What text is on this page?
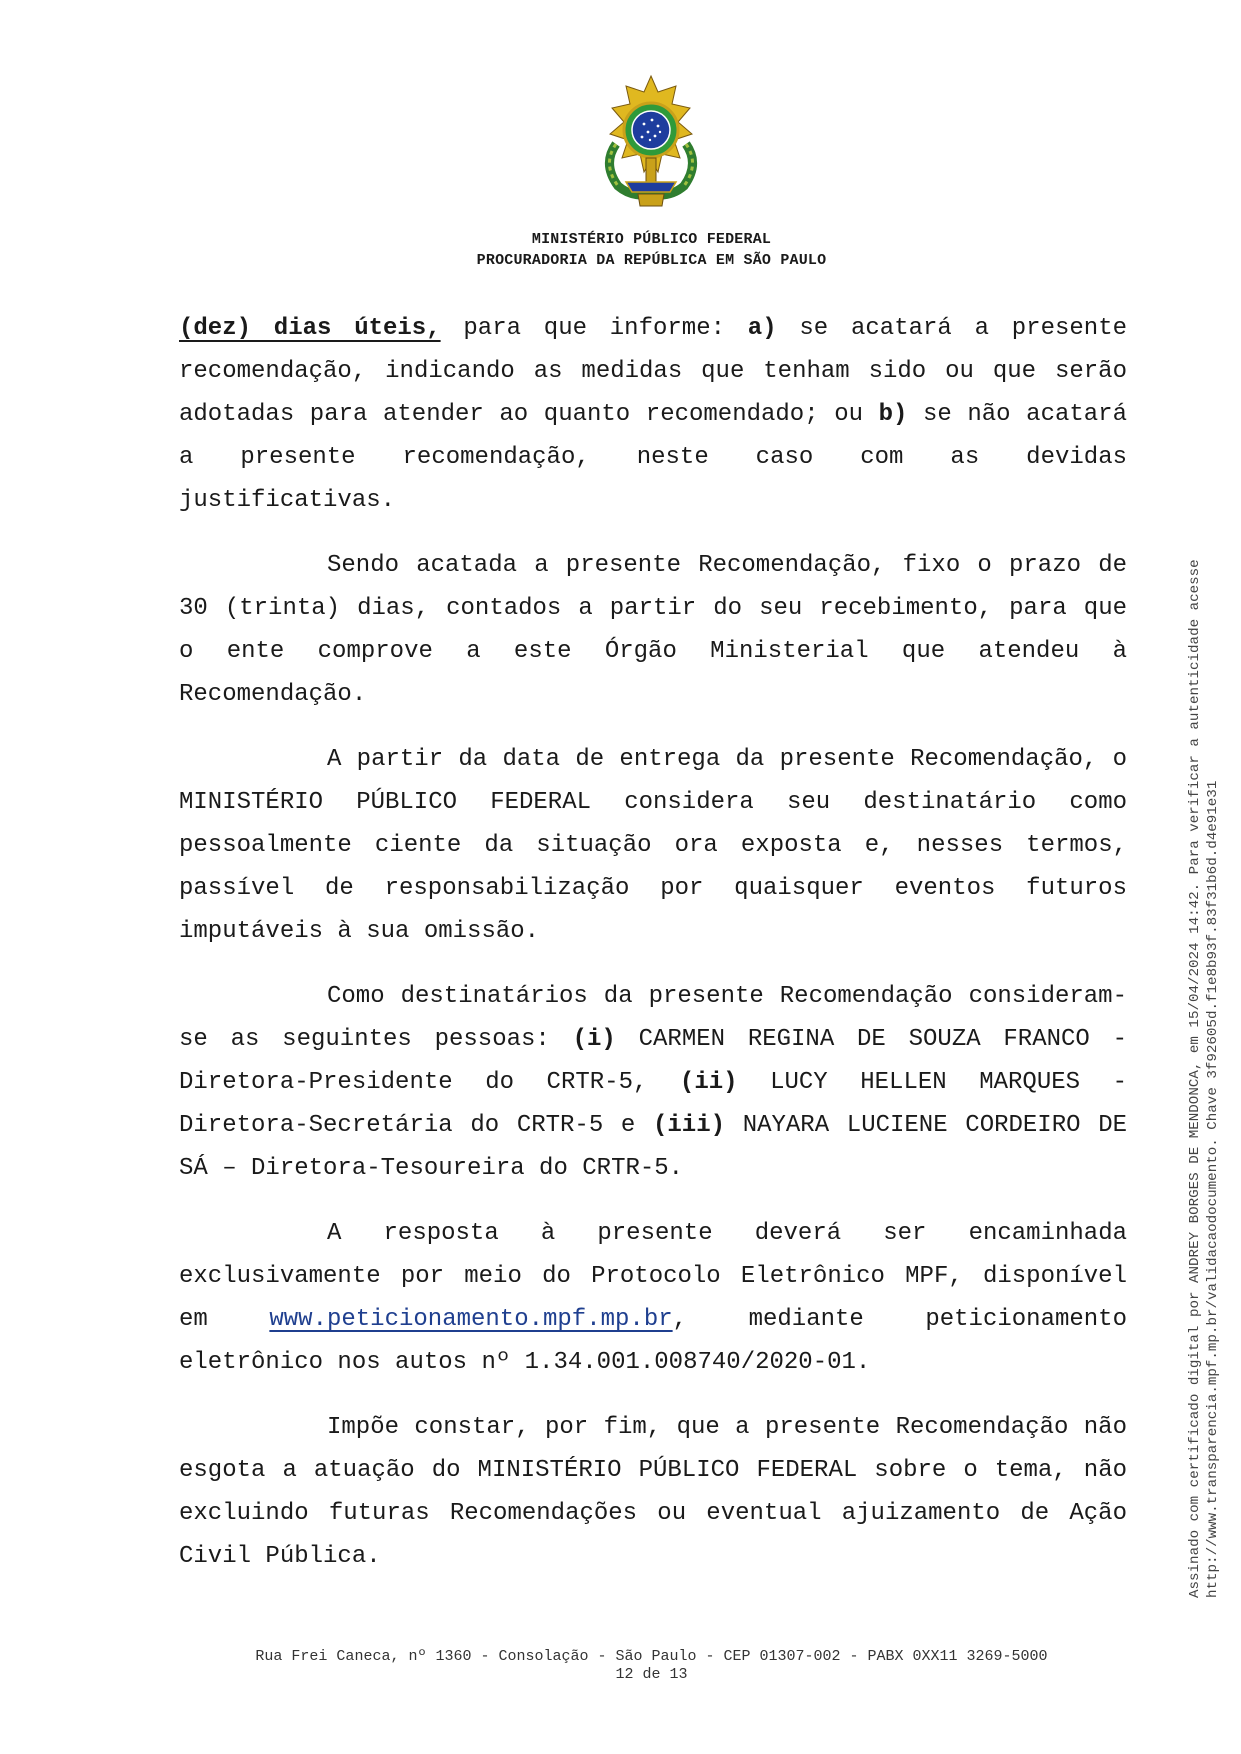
MINISTÉRIO PÚBLICO FEDERAL
PROCURADORIA DA REPÚBLICA EM SÃO PAULO

(dez) dias úteis, para que informe: a) se acatará a presente recomendação, indicando as medidas que tenham sido ou que serão adotadas para atender ao quanto recomendado; ou b) se não acatará a presente recomendação, neste caso com as devidas justificativas.

Sendo acatada a presente Recomendação, fixo o prazo de 30 (trinta) dias, contados a partir do seu recebimento, para que o ente comprove a este Órgão Ministerial que atendeu à Recomendação.

A partir da data de entrega da presente Recomendação, o MINISTÉRIO PÚBLICO FEDERAL considera seu destinatário como pessoalmente ciente da situação ora exposta e, nesses termos, passível de responsabilização por quaisquer eventos futuros imputáveis à sua omissão.

Como destinatários da presente Recomendação consideram-se as seguintes pessoas: (i) CARMEN REGINA DE SOUZA FRANCO - Diretora-Presidente do CRTR-5, (ii) LUCY HELLEN MARQUES - Diretora-Secretária do CRTR-5 e (iii) NAYARA LUCIENE CORDEIRO DE SÁ – Diretora-Tesoureira do CRTR-5.

A resposta à presente deverá ser encaminhada exclusivamente por meio do Protocolo Eletrônico MPF, disponível em www.peticionamento.mpf.mp.br, mediante peticionamento eletrônico nos autos nº 1.34.001.008740/2020-01.

Impõe constar, por fim, que a presente Recomendação não esgota a atuação do MINISTÉRIO PÚBLICO FEDERAL sobre o tema, não excluindo futuras Recomendações ou eventual ajuizamento de Ação Civil Pública.

Rua Frei Caneca, nº 1360 - Consolação - São Paulo - CEP 01307-002 - PABX 0XX11 3269-5000
12 de 13
Assinado com certificado digital por ANDREY BORGES DE MENDONCA, em 15/04/2024 14:42. Para verificar a autenticidade acesse http://www.transparencia.mpf.mp.br/validacaodocumento. Chave 3f92605d.f1e8b93f.83f31b6d.d4e91e31
